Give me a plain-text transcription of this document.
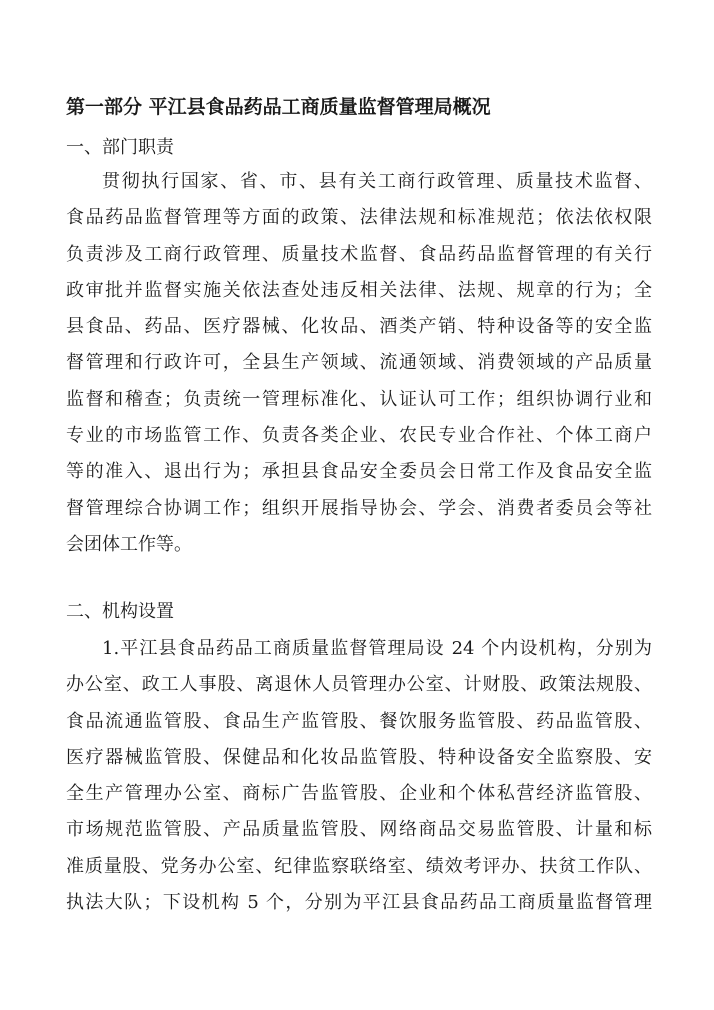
第一部分 平江县食品药品工商质量监督管理局概况
一、部门职责
贯彻执行国家、省、市、县有关工商行政管理、质量技术监督、
食品药品监督管理等方面的政策、法律法规和标准规范；依法依权限
负责涉及工商行政管理、质量技术监督、食品药品监督管理的有关行
政审批并监督实施关依法查处违反相关法律、法规、规章的行为；全
县食品、药品、医疗器械、化妆品、酒类产销、特种设备等的安全监
督管理和行政许可，全县生产领域、流通领域、消费领域的产品质量
监督和稽查；负责统一管理标准化、认证认可工作；组织协调行业和
专业的市场监管工作、负责各类企业、农民专业合作社、个体工商户
等的准入、退出行为；承担县食品安全委员会日常工作及食品安全监
督管理综合协调工作；组织开展指导协会、学会、消费者委员会等社
会团体工作等。
二、机构设置
1.平江县食品药品工商质量监督管理局设 24 个内设机构，分别为
办公室、政工人事股、离退休人员管理办公室、计财股、政策法规股、
食品流通监管股、食品生产监管股、餐饮服务监管股、药品监管股、
医疗器械监管股、保健品和化妆品监管股、特种设备安全监察股、安
全生产管理办公室、商标广告监管股、企业和个体私营经济监管股、
市场规范监管股、产品质量监管股、网络商品交易监管股、计量和标
准质量股、党务办公室、纪律监察联络室、绩效考评办、扶贫工作队、
执法大队；下设机构 5 个，分别为平江县食品药品工商质量监督管理
